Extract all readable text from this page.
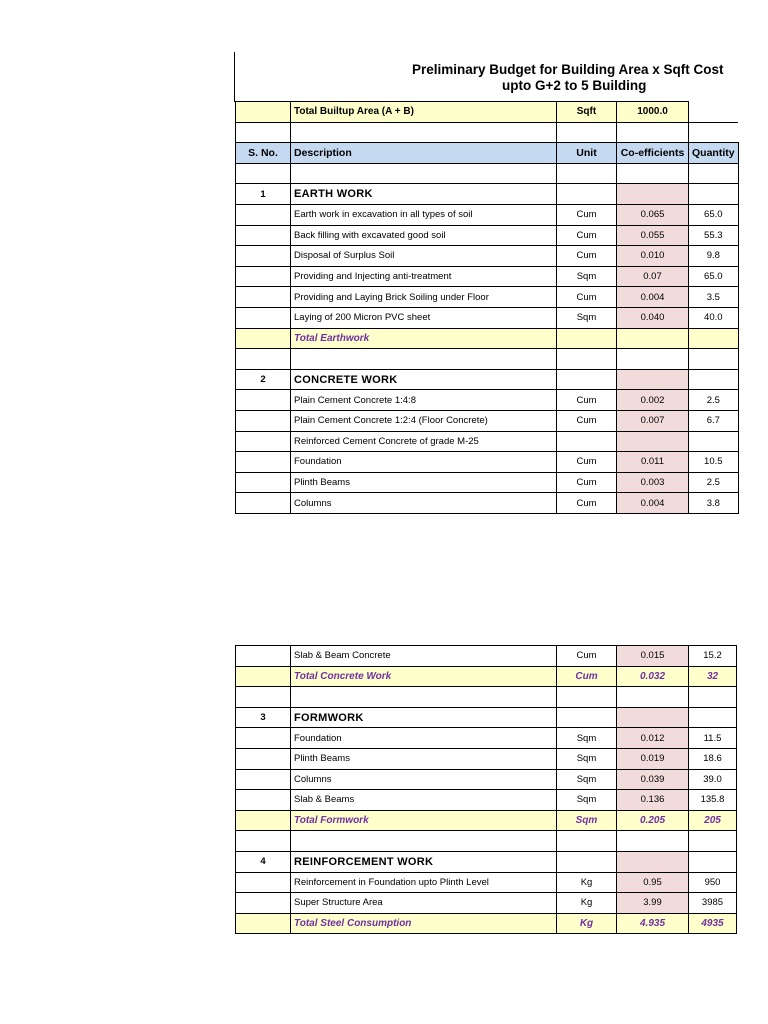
Preliminary Budget for Building Area x Sqft Cost
upto G+2 to 5 Building
	Total Builtup Area (A + B)	Sqft	1000.0	

S. No.	Description	Unit	Co-efficients	Quantity

1	EARTH WORK			
	Earth work in excavation in all types of soil	Cum	0.065	65.0
	Back filling with excavated good soil	Cum	0.055	55.3
	Disposal of Surplus Soil	Cum	0.010	9.8
	Providing and Injecting anti-treatment	Sqm	0.07	65.0
	Providing and Laying Brick Soiling under Floor	Cum	0.004	3.5
	Laying of 200 Micron PVC sheet	Sqm	0.040	40.0
	Total Earthwork			

2	CONCRETE WORK			
	Plain Cement Concrete 1:4:8	Cum	0.002	2.5
	Plain Cement Concrete 1:2:4 (Floor Concrete)	Cum	0.007	6.7
	Reinforced Cement Concrete of grade M-25			
	Foundation	Cum	0.011	10.5
	Plinth Beams	Cum	0.003	2.5
	Columns	Cum	0.004	3.8
	Slab & Beam Concrete	Cum	0.015	15.2
	Total Concrete Work	Cum	0.032	32

3	FORMWORK			
	Foundation	Sqm	0.012	11.5
	Plinth Beams	Sqm	0.019	18.6
	Columns	Sqm	0.039	39.0
	Slab & Beams	Sqm	0.136	135.8
	Total Formwork	Sqm	0.205	205

4	REINFORCEMENT WORK			
	Reinforcement in Foundation upto Plinth Level	Kg	0.95	950
	Super Structure Area	Kg	3.99	3985
	Total Steel Consumption	Kg	4.935	4935
